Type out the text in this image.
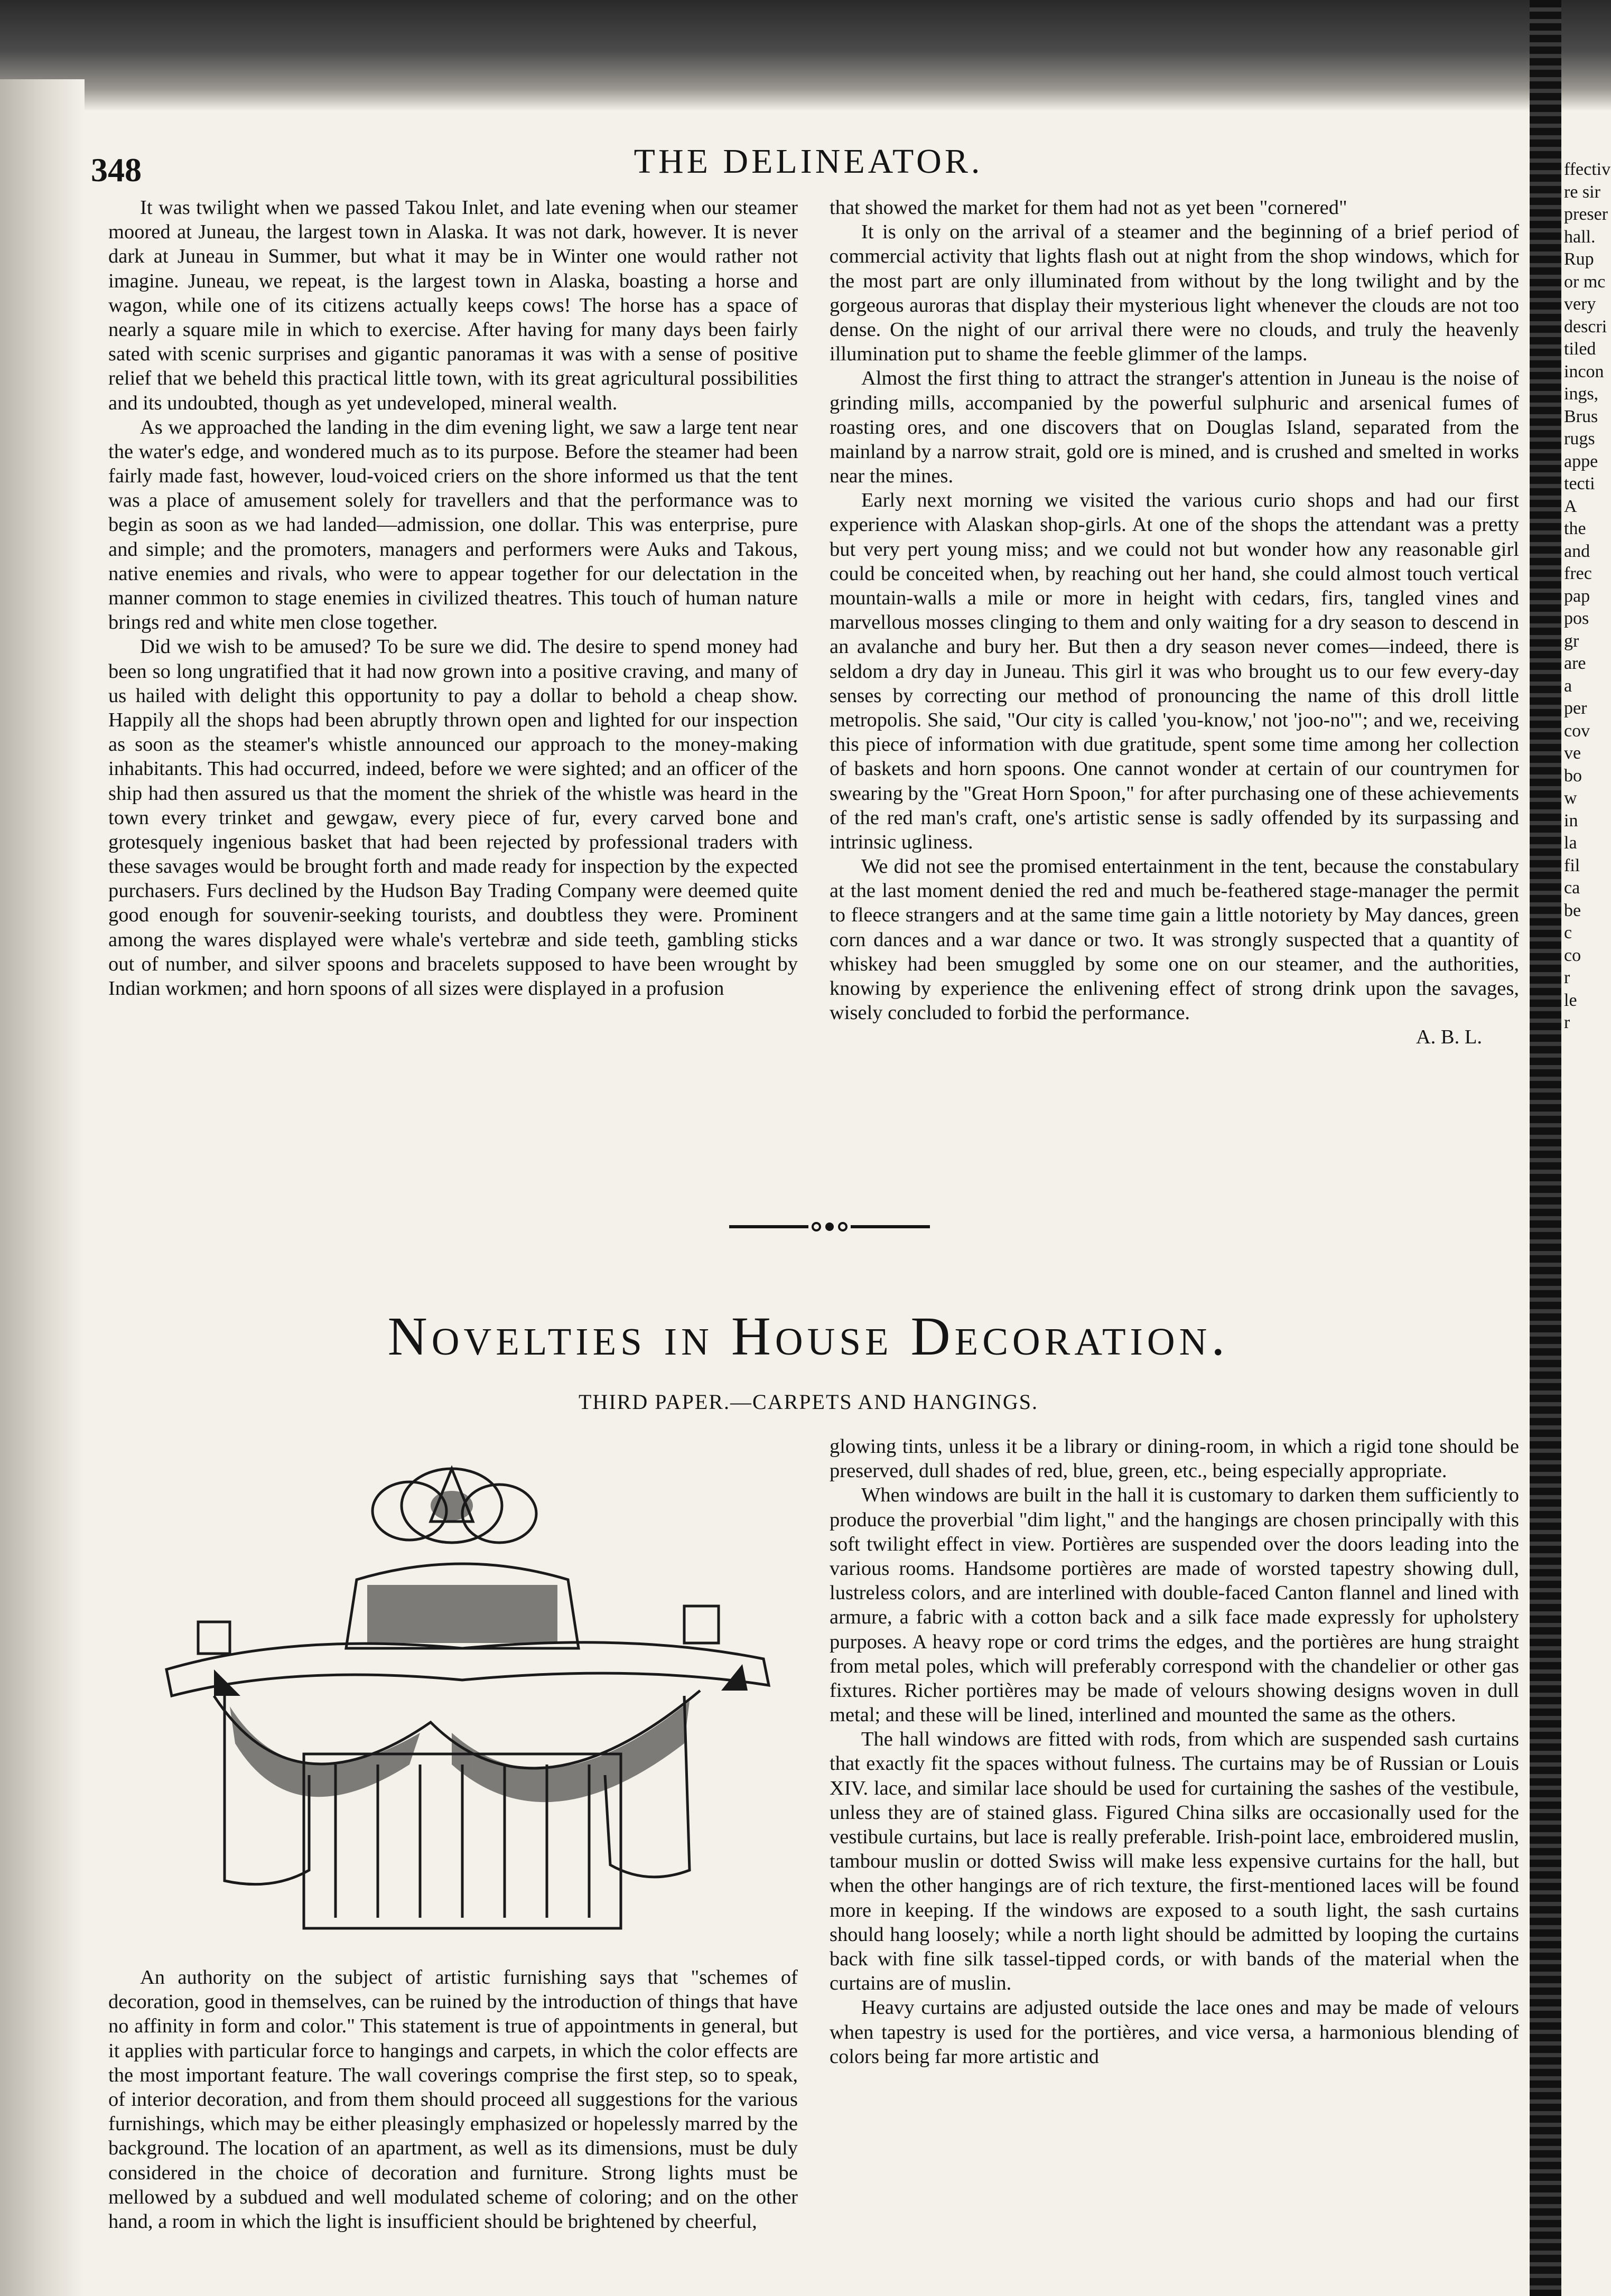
348	THE DELINEATOR.

It was twilight when we passed Takou Inlet, and late evening when our steamer moored at Juneau, the largest town in Alaska. It was not dark, however. It is never dark at Juneau in Summer, but what it may be in Winter one would rather not imagine. Juneau, we repeat, is the largest town in Alaska, boasting a horse and wagon, while one of its citizens actually keeps cows! The horse has a space of nearly a square mile in which to exercise. After having for many days been fairly sated with scenic surprises and gigantic panoramas it was with a sense of positive relief that we beheld this practical little town, with its great agricultural possibilities and its undoubted, though as yet undeveloped, mineral wealth.

As we approached the landing in the dim evening light, we saw a large tent near the water's edge, and wondered much as to its purpose. Before the steamer had been fairly made fast, however, loud-voiced criers on the shore informed us that the tent was a place of amusement solely for travellers and that the performance was to begin as soon as we had landed—admission, one dollar. This was enterprise, pure and simple; and the promoters, managers and performers were Auks and Takous, native enemies and rivals, who were to appear together for our delectation in the manner common to stage enemies in civilized theatres. This touch of human nature brings red and white men close together.

Did we wish to be amused? To be sure we did. The desire to spend money had been so long ungratified that it had now grown into a positive craving, and many of us hailed with delight this opportunity to pay a dollar to behold a cheap show. Happily all the shops had been abruptly thrown open and lighted for our inspection as soon as the steamer's whistle announced our approach to the money-making inhabitants. This had occurred, indeed, before we were sighted; and an officer of the ship had then assured us that the moment the shriek of the whistle was heard in the town every trinket and gewgaw, every piece of fur, every carved bone and grotesquely ingenious basket that had been rejected by professional traders with these savages would be brought forth and made ready for inspection by the expected purchasers. Furs declined by the Hudson Bay Trading Company were deemed quite good enough for souvenir-seeking tourists, and doubtless they were. Prominent among the wares displayed were whale's vertebræ and side teeth, gambling sticks out of number, and silver spoons and bracelets supposed to have been wrought by Indian workmen; and horn spoons of all sizes were displayed in a profusion

that showed the market for them had not as yet been "cornered"

It is only on the arrival of a steamer and the beginning of a brief period of commercial activity that lights flash out at night from the shop windows, which for the most part are only illuminated from without by the long twilight and by the gorgeous auroras that display their mysterious light whenever the clouds are not too dense. On the night of our arrival there were no clouds, and truly the heavenly illumination put to shame the feeble glimmer of the lamps.

Almost the first thing to attract the stranger's attention in Juneau is the noise of grinding mills, accompanied by the powerful sulphuric and arsenical fumes of roasting ores, and one discovers that on Douglas Island, separated from the mainland by a narrow strait, gold ore is mined, and is crushed and smelted in works near the mines.

Early next morning we visited the various curio shops and had our first experience with Alaskan shop-girls. At one of the shops the attendant was a pretty but very pert young miss; and we could not but wonder how any reasonable girl could be conceited when, by reaching out her hand, she could almost touch vertical mountain-walls a mile or more in height with cedars, firs, tangled vines and marvellous mosses clinging to them and only waiting for a dry season to descend in an avalanche and bury her. But then a dry season never comes—indeed, there is seldom a dry day in Juneau. This girl it was who brought us to our few every-day senses by correcting our method of pronouncing the name of this droll little metropolis. She said, "Our city is called 'you-know,' not 'joo-no'"; and we, receiving this piece of information with due gratitude, spent some time among her collection of baskets and horn spoons. One cannot wonder at certain of our countrymen for swearing by the "Great Horn Spoon," for after purchasing one of these achievements of the red man's craft, one's artistic sense is sadly offended by its surpassing and intrinsic ugliness.

We did not see the promised entertainment in the tent, because the constabulary at the last moment denied the red and much be-feathered stage-manager the permit to fleece strangers and at the same time gain a little notoriety by May dances, green corn dances and a war dance or two. It was strongly suspected that a quantity of whiskey had been smuggled by some one on our steamer, and the authorities, knowing by experience the enlivening effect of strong drink upon the savages, wisely concluded to forbid the performance.

A. B. L.
Novelties in House Decoration.
THIRD PAPER.—CARPETS AND HANGINGS.

An authority on the subject of artistic furnishing says that "schemes of decoration, good in themselves, can be ruined by the introduction of things that have no affinity in form and color." This statement is true of appointments in general, but it applies with particular force to hangings and carpets, in which the color effects are the most important feature. The wall coverings comprise the first step, so to speak, of interior decoration, and from them should proceed all suggestions for the various furnishings, which may be either pleasingly emphasized or hopelessly marred by the background. The location of an apartment, as well as its dimensions, must be duly considered in the choice of decoration and furniture. Strong lights must be mellowed by a subdued and well modulated scheme of coloring; and on the other hand, a room in which the light is insufficient should be brightened by cheerful,

glowing tints, unless it be a library or dining-room, in which a rigid tone should be preserved, dull shades of red, blue, green, etc., being especially appropriate.

When windows are built in the hall it is customary to darken them sufficiently to produce the proverbial "dim light," and the hangings are chosen principally with this soft twilight effect in view. Portières are suspended over the doors leading into the various rooms. Handsome portières are made of worsted tapestry showing dull, lustreless colors, and are interlined with double-faced Canton flannel and lined with armure, a fabric with a cotton back and a silk face made expressly for upholstery purposes. A heavy rope or cord trims the edges, and the portières are hung straight from metal poles, which will preferably correspond with the chandelier or other gas fixtures. Richer portières may be made of velours showing designs woven in dull metal; and these will be lined, interlined and mounted the same as the others.

The hall windows are fitted with rods, from which are suspended sash curtains that exactly fit the spaces without fulness. The curtains may be of Russian or Louis XIV. lace, and similar lace should be used for curtaining the sashes of the vestibule, unless they are of stained glass. Figured China silks are occasionally used for the vestibule curtains, but lace is really preferable. Irish-point lace, embroidered muslin, tambour muslin or dotted Swiss will make less expensive curtains for the hall, but when the other hangings are of rich texture, the first-mentioned laces will be found more in keeping. If the windows are exposed to a south light, the sash curtains should hang loosely; while a north light should be admitted by looping the curtains back with fine silk tassel-tipped cords, or with bands of the material when the curtains are of muslin.

Heavy curtains are adjusted outside the lace ones and may be made of velours when tapestry is used for the portières, and vice versa, a harmonious blending of colors being far more artistic and

ffectiv
re sir
preser
hall.
Rup
or mc
very
descri
tiled
incon
ings,
Brus
rugs
appe
tecti
A
the
and
frec
pap
pos
gr
are
a
per
cov
ve
bo
w
in
la
fil
ca
be
c
co
r
le
r
